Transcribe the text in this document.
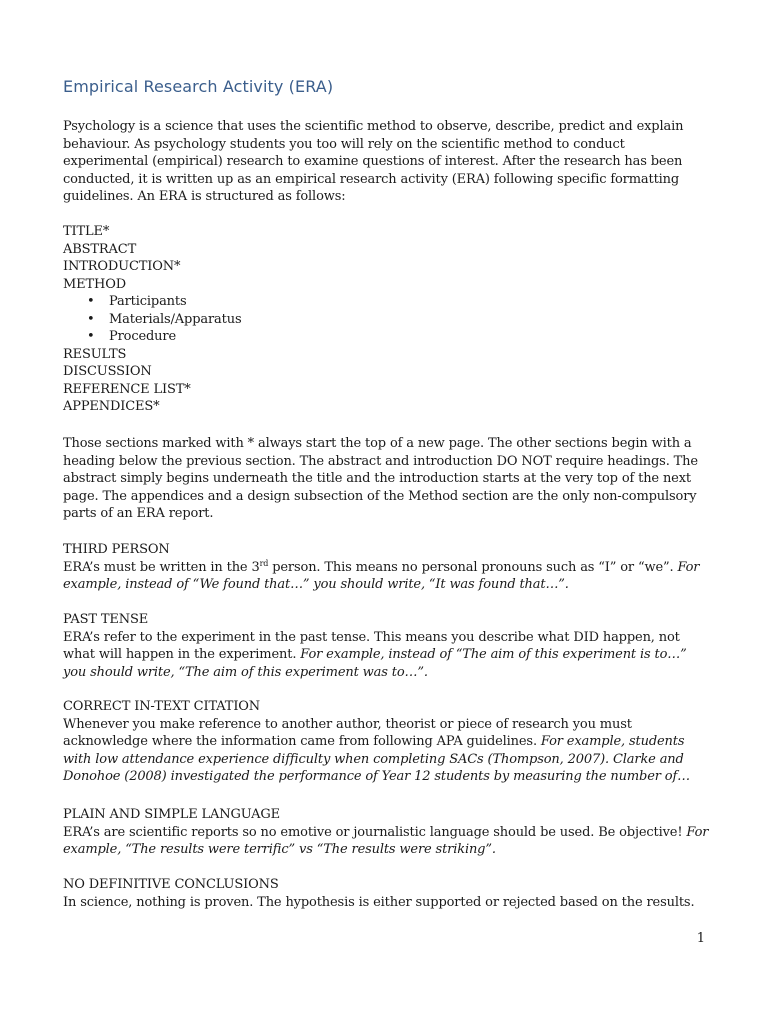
Empirical Research Activity (ERA)

Psychology is a science that uses the scientific method to observe, describe, predict and explain behaviour. As psychology students you too will rely on the scientific method to conduct experimental (empirical) research to examine questions of interest. After the research has been conducted, it is written up as an empirical research activity (ERA) following specific formatting guidelines. An ERA is structured as follows:

TITLE*
ABSTRACT
INTRODUCTION*
METHOD
• Participants
• Materials/Apparatus
• Procedure
RESULTS
DISCUSSION
REFERENCE LIST*
APPENDICES*

Those sections marked with * always start the top of a new page. The other sections begin with a heading below the previous section. The abstract and introduction DO NOT require headings. The abstract simply begins underneath the title and the introduction starts at the very top of the next page. The appendices and a design subsection of the Method section are the only non-compulsory parts of an ERA report.

THIRD PERSON
ERA’s must be written in the 3rd person. This means no personal pronouns such as “I” or “we”. For example, instead of “We found that…” you should write, “It was found that…”.
PAST TENSE
ERA’s refer to the experiment in the past tense. This means you describe what DID happen, not what will happen in the experiment. For example, instead of “The aim of this experiment is to…” you should write, “The aim of this experiment was to…”.
CORRECT IN-TEXT CITATION
Whenever you make reference to another author, theorist or piece of research you must acknowledge where the information came from following APA guidelines. For example, students with low attendance experience difficulty when completing SACs (Thompson, 2007). Clarke and Donohoe (2008) investigated the performance of Year 12 students by measuring the number of…
PLAIN AND SIMPLE LANGUAGE
ERA’s are scientific reports so no emotive or journalistic language should be used. Be objective! For example, “The results were terrific” vs “The results were striking”.
NO DEFINITIVE CONCLUSIONS
In science, nothing is proven. The hypothesis is either supported or rejected based on the results.
1
